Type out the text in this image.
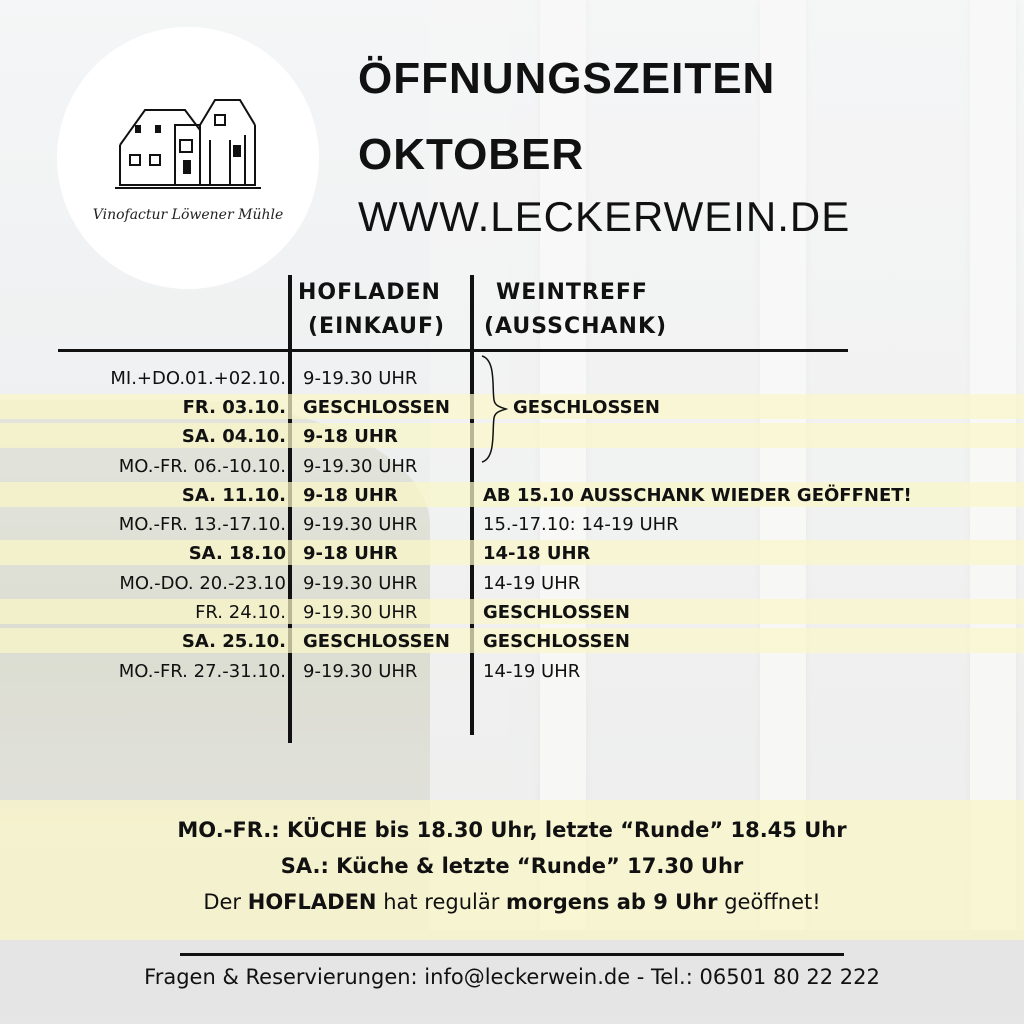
Vinofactur Löwener Mühle
ÖFFNUNGSZEITEN
OKTOBER
WWW.LECKERWEIN.DE
HOFLADEN
(EINKAUF)
WEINTREFF
(AUSSCHANK)
MI.+DO.01.+02.10. 9-19.30 UHR
FR. 03.10. GESCHLOSSEN	GESCHLOSSEN
SA. 04.10. 9-18 UHR
MO.-FR. 06.-10.10. 9-19.30 UHR
SA. 11.10. 9-18 UHR	AB 15.10 AUSSCHANK WIEDER GEÖFFNET!
MO.-FR. 13.-17.10. 9-19.30 UHR	15.-17.10: 14-19 UHR
SA. 18.10 9-18 UHR	14-18 UHR
MO.-DO. 20.-23.10 9-19.30 UHR	14-19 UHR
FR. 24.10. 9-19.30 UHR	GESCHLOSSEN
SA. 25.10. GESCHLOSSEN GESCHLOSSEN
MO.-FR. 27.-31.10. 9-19.30 UHR	14-19 UHR
MO.-FR.: KÜCHE bis 18.30 Uhr, letzte “Runde” 18.45 Uhr
SA.: Küche & letzte “Runde” 17.30 Uhr
Der HOFLADEN hat regulär morgens ab 9 Uhr geöffnet!
Fragen & Reservierungen: info@leckerwein.de - Tel.: 06501 80 22 222
